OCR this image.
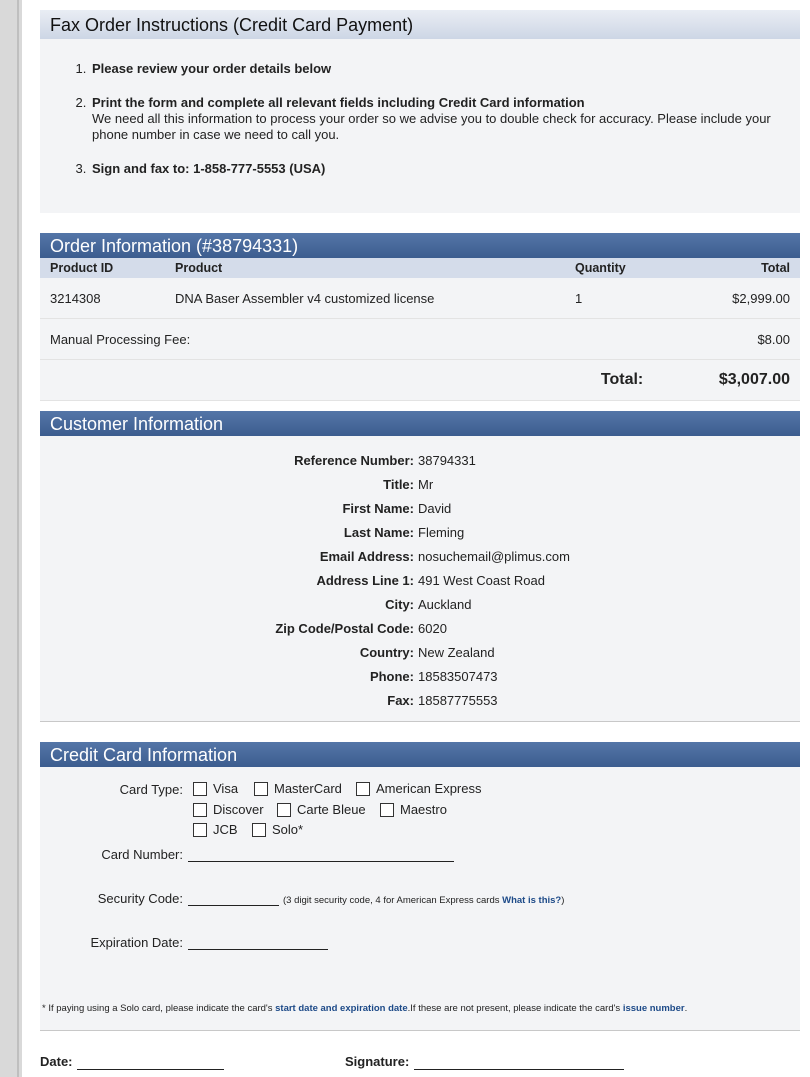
Fax Order Instructions (Credit Card Payment)
1. Please review your order details below
2. Print the form and complete all relevant fields including Credit Card information
We need all this information to process your order so we advise you to double check for accuracy. Please include your phone number in case we need to call you.
3. Sign and fax to: 1-858-777-5553 (USA)
Order Information (#38794331)
Product ID	Product	Quantity	Total
3214308	DNA Baser Assembler v4 customized license	1	$2,999.00
Manual Processing Fee:			$8.00
		Total:	$3,007.00
Customer Information
Reference Number: 38794331
Title: Mr
First Name: David
Last Name: Fleming
Email Address: nosuchemail@plimus.com
Address Line 1: 491 West Coast Road
City: Auckland
Zip Code/Postal Code: 6020
Country: New Zealand
Phone: 18583507473
Fax: 18587775553
Credit Card Information
Card Type: Visa	MasterCard	American Express
Discover	Carte Bleue	Maestro
JCB	Solo*
Card Number:
Security Code:	(3 digit security code, 4 for American Express cards What is this?)
Expiration Date:
* If paying using a Solo card, please indicate the card's start date and expiration date.If these are not present, please indicate the card's issue number.
Date:	Signature:
